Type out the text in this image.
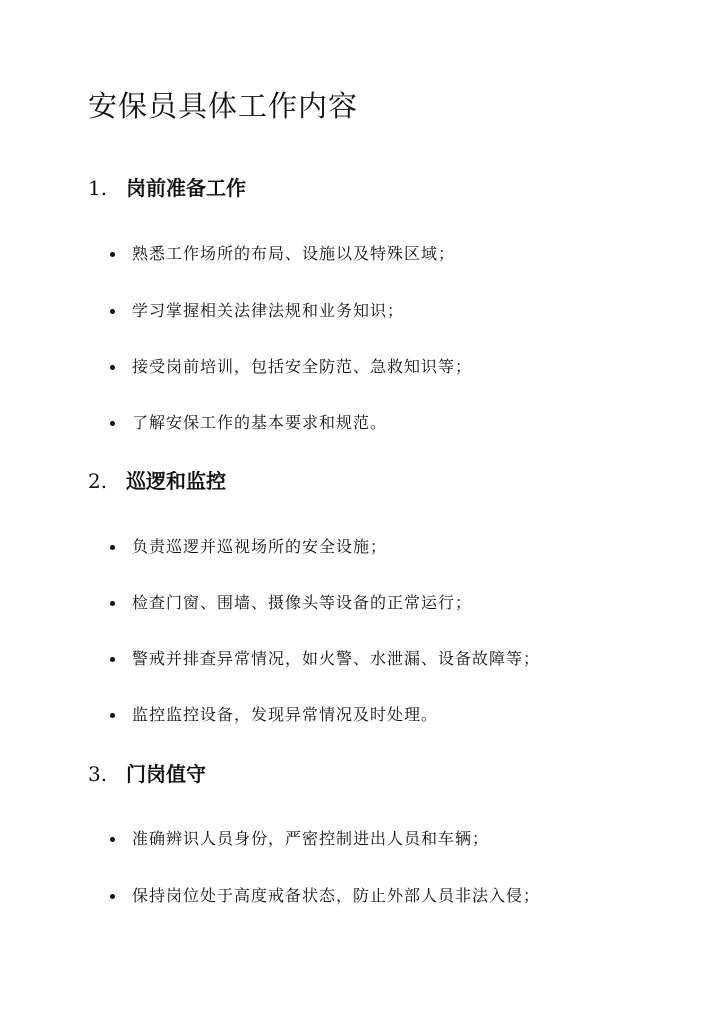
安保员具体工作内容
1. 岗前准备工作
熟悉工作场所的布局、设施以及特殊区域；
学习掌握相关法律法规和业务知识；
接受岗前培训，包括安全防范、急救知识等；
了解安保工作的基本要求和规范。
2. 巡逻和监控
负责巡逻并巡视场所的安全设施；
检查门窗、围墙、摄像头等设备的正常运行；
警戒并排查异常情况，如火警、水泄漏、设备故障等；
监控监控设备，发现异常情况及时处理。
3. 门岗值守
准确辨识人员身份，严密控制进出人员和车辆；
保持岗位处于高度戒备状态，防止外部人员非法入侵；
